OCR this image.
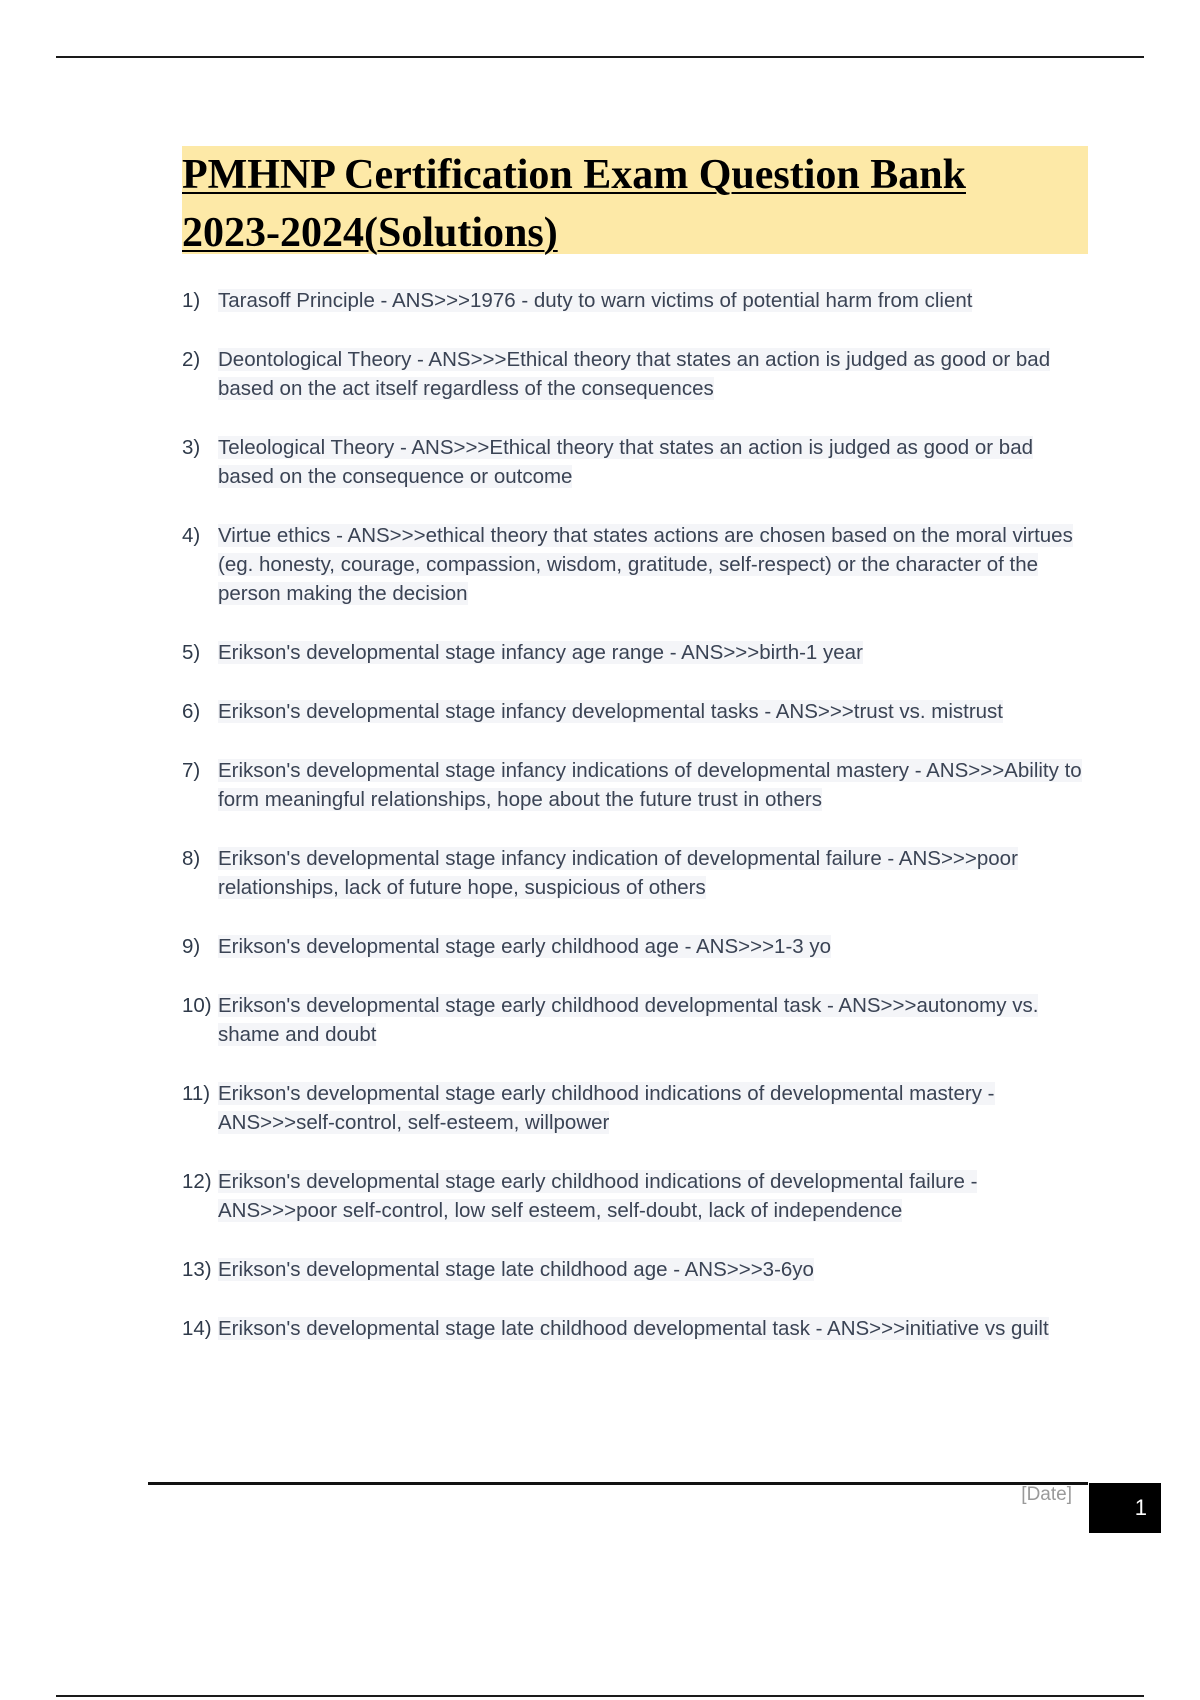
PMHNP Certification Exam Question Bank
2023-2024(Solutions)
1) Tarasoff Principle - ANS>>>1976 - duty to warn victims of potential harm from client
2) Deontological Theory - ANS>>>Ethical theory that states an action is judged as good or bad based on the act itself regardless of the consequences
3) Teleological Theory - ANS>>>Ethical theory that states an action is judged as good or bad based on the consequence or outcome
4) Virtue ethics - ANS>>>ethical theory that states actions are chosen based on the moral virtues (eg. honesty, courage, compassion, wisdom, gratitude, self-respect) or the character of the person making the decision
5) Erikson's developmental stage infancy age range - ANS>>>birth-1 year
6) Erikson's developmental stage infancy developmental tasks - ANS>>>trust vs. mistrust
7) Erikson's developmental stage infancy indications of developmental mastery - ANS>>>Ability to form meaningful relationships, hope about the future trust in others
8) Erikson's developmental stage infancy indication of developmental failure - ANS>>>poor relationships, lack of future hope, suspicious of others
9) Erikson's developmental stage early childhood age - ANS>>>1-3 yo
10) Erikson's developmental stage early childhood developmental task - ANS>>>autonomy vs. shame and doubt
11) Erikson's developmental stage early childhood indications of developmental mastery - ANS>>>self-control, self-esteem, willpower
12) Erikson's developmental stage early childhood indications of developmental failure - ANS>>>poor self-control, low self esteem, self-doubt, lack of independence
13) Erikson's developmental stage late childhood age - ANS>>>3-6yo
14) Erikson's developmental stage late childhood developmental task - ANS>>>initiative vs guilt
[Date]
1
